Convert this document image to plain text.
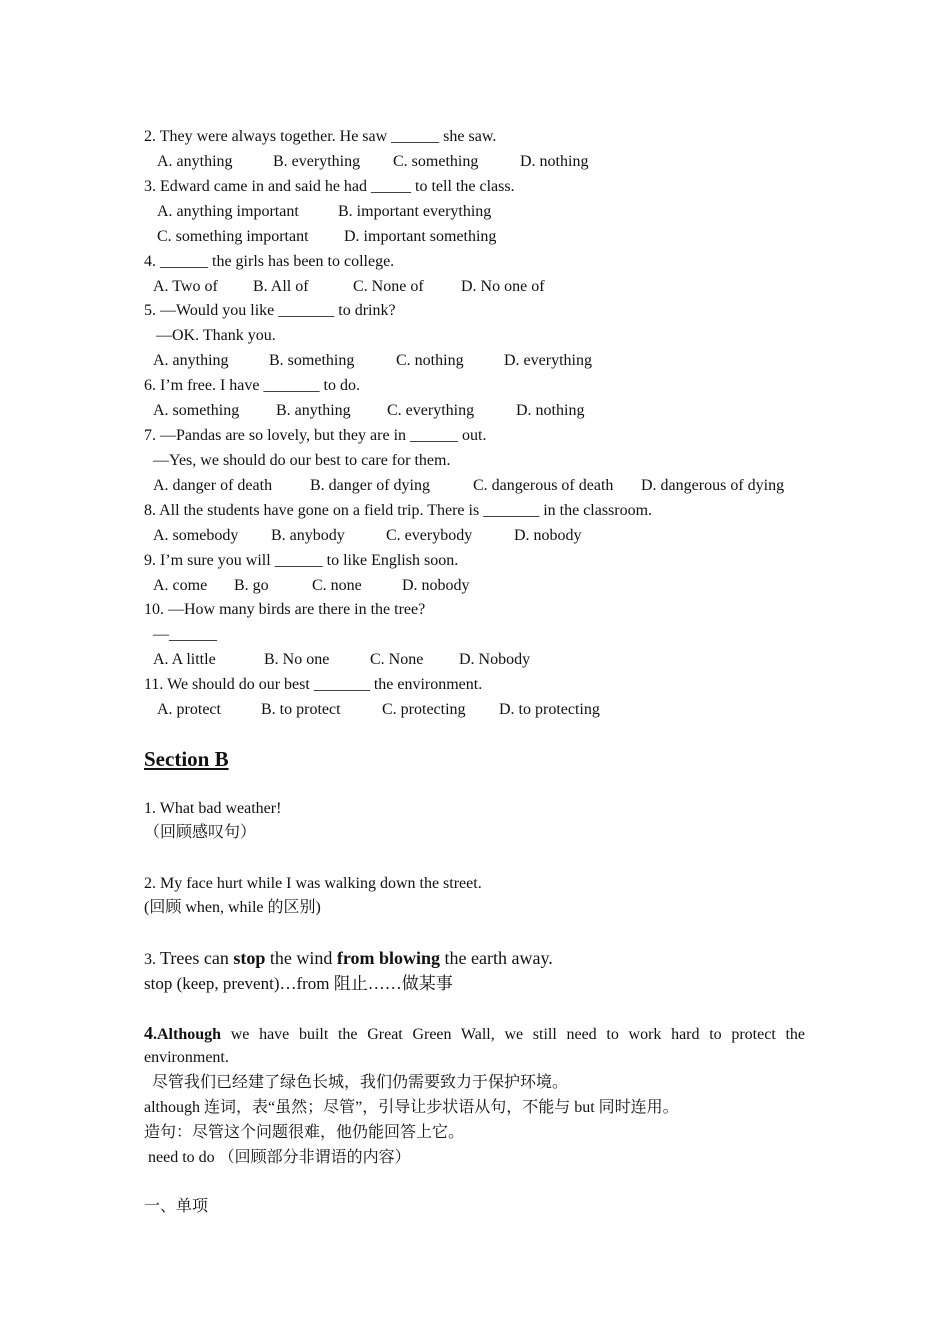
2. They were always together. He saw ______ she saw.

A. anything

	B. everything

C. something

	D. nothing

3. Edward came in and said he had _____ to tell the class.

A. anything important

B. important everything

C. something important

D. important something

4. ______ the girls has been to college.

A. Two of

B. All of

	C. None of

D. No one of

5. —Would you like _______ to drink?
—OK. Thank you.

A. anything

	B. something

	C. nothing

	D. everything

6. I’m free. I have _______ to do.

A. something

B. anything

C. everything

	D. nothing

7. —Pandas are so lovely, but they are in ______ out.
—Yes, we should do our best to care for them.

A. danger of death

B. danger of dying

	C. dangerous of death

D. dangerous of dying

8. All the students have gone on a field trip. There is _______ in the classroom.

A. somebody

B. anybody

	C. everybody

	D. nobody

9. I’m sure you will ______ to like English soon.

A. come

B. go

	C. none

	D. nobody

10. —How many birds are there in the tree?
—______

A. A little

	B. No one

	C. None

D. Nobody

11. We should do our best _______ the environment.

A. protect

	B. to protect

	C. protecting

D. to protecting

Section B
1. What bad weather!
（回顾感叹句）
2. My face hurt while I was walking down the street.
(回顾 when, while 的区别)
3. Trees can stop the wind from blowing the earth away.
stop (keep, prevent)…from 阻止……做某事
4.Although we have built the Great Green Wall, we still need to work hard to protect the
environment.
尽管我们已经建了绿色长城，我们仍需要致力于保护环境。
although 连词，表“虽然；尽管”，引导让步状语从句，不能与 but 同时连用。
造句：尽管这个问题很难，他仍能回答上它。
need to do （回顾部分非谓语的内容）
一、单项
